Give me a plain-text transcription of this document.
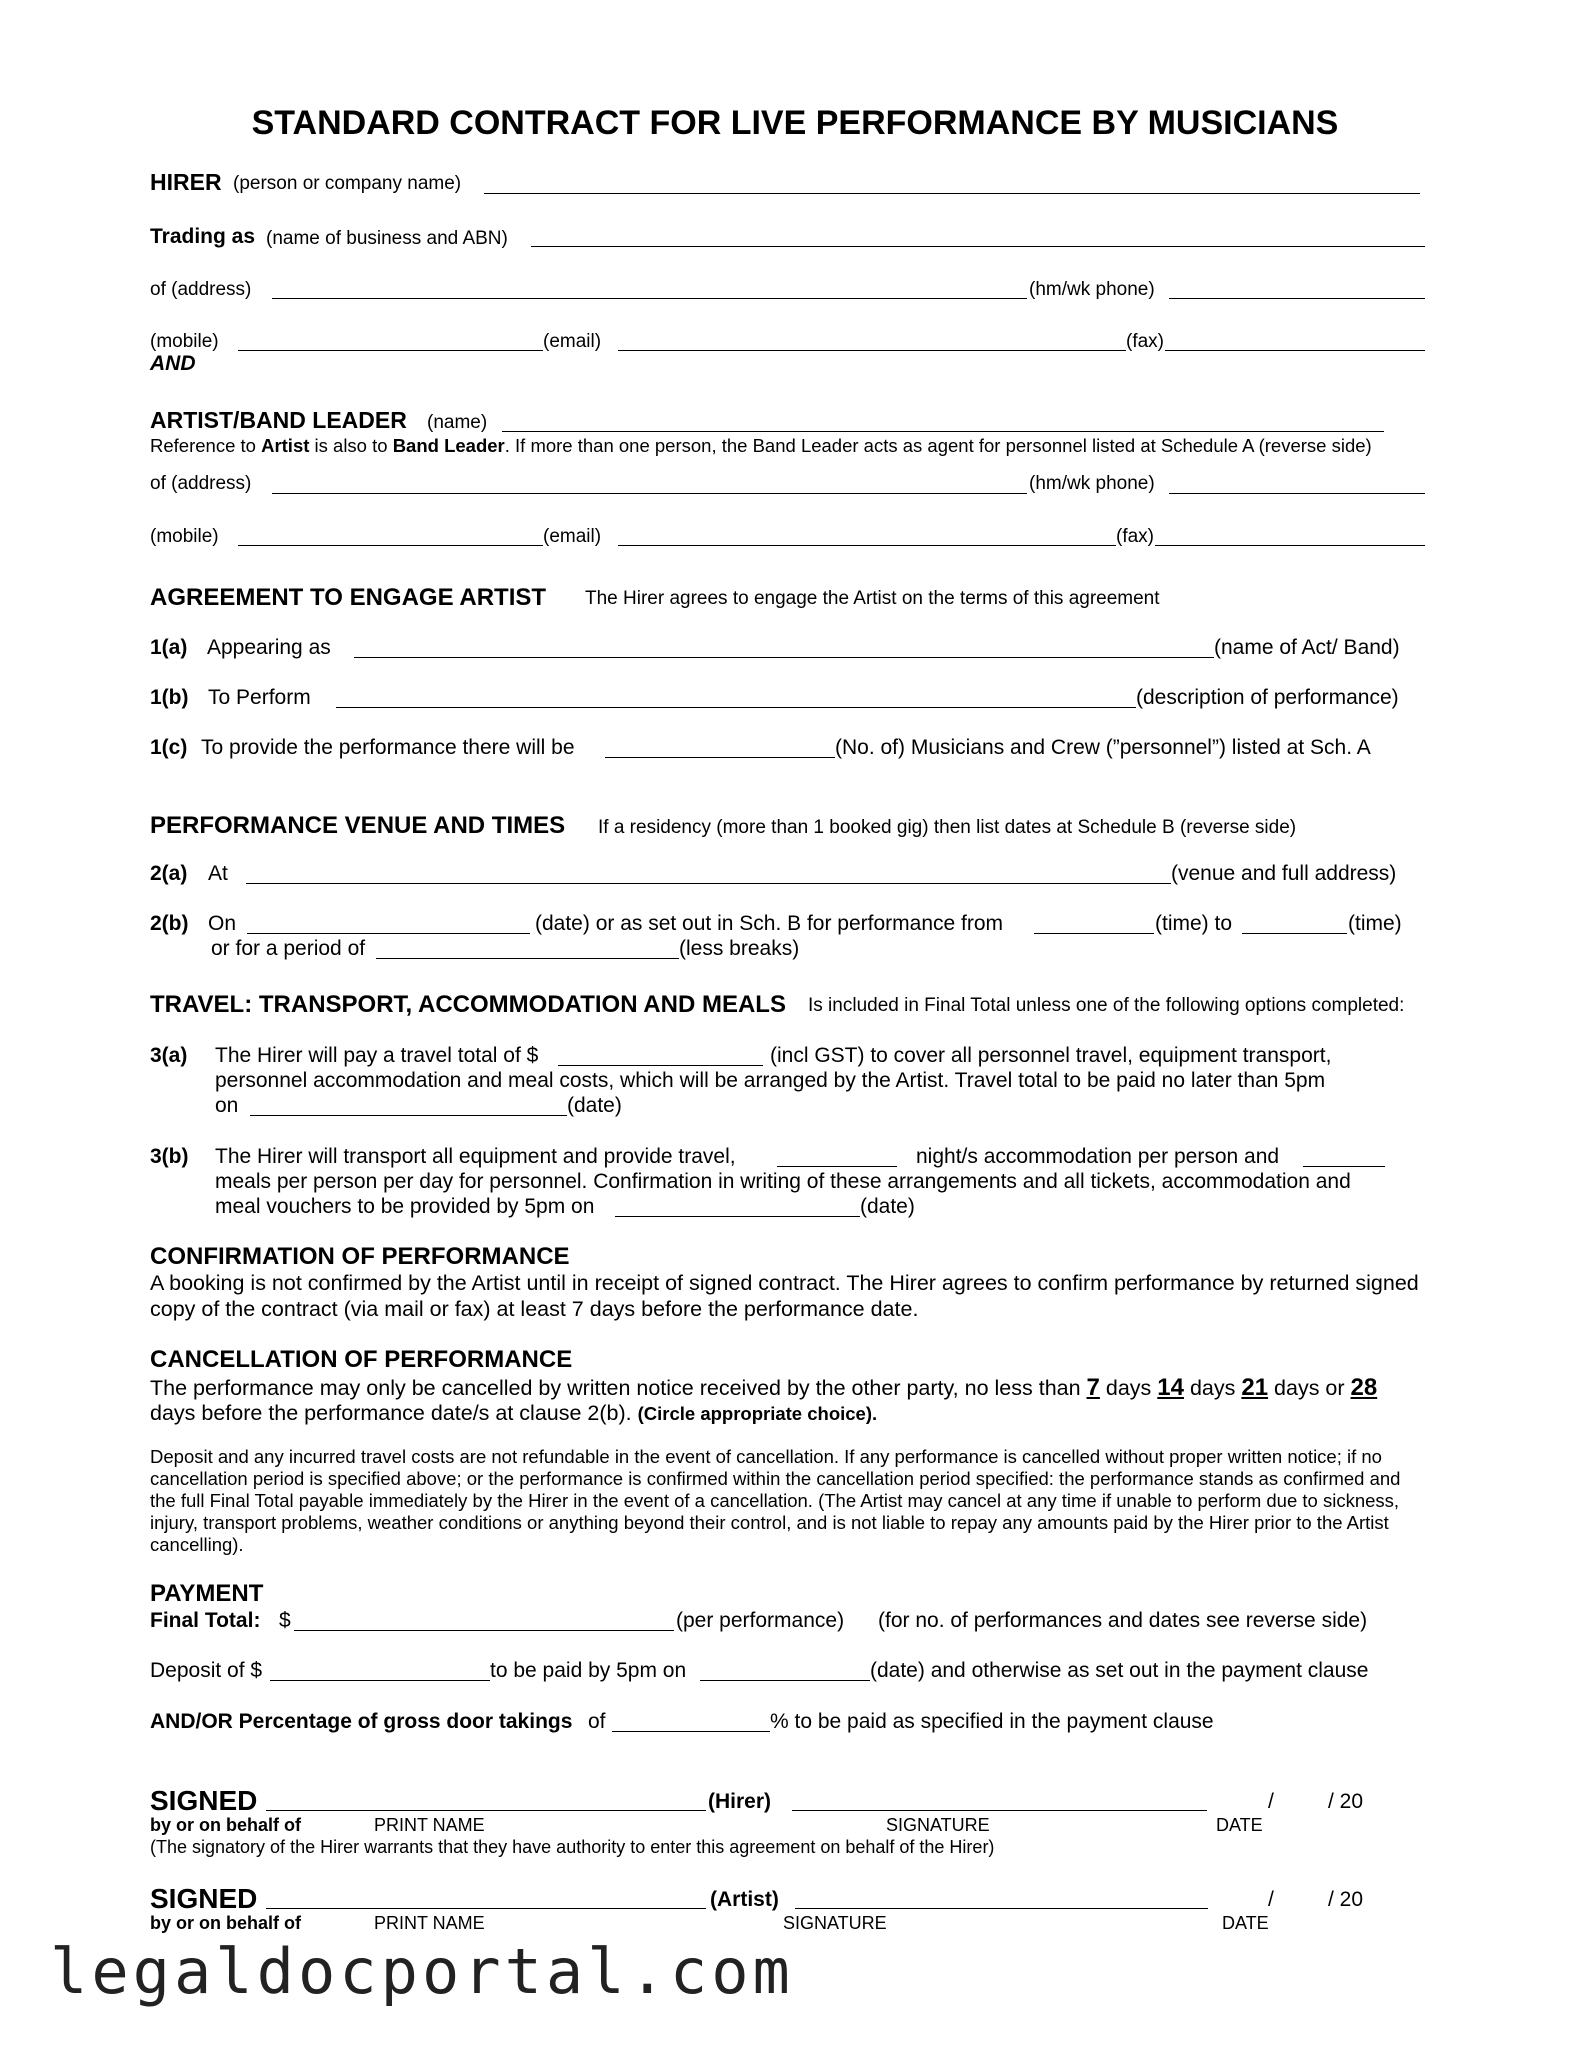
STANDARD CONTRACT FOR LIVE PERFORMANCE BY MUSICIANS
HIRER (person or company name)
Trading as (name of business and ABN)
of (address)	(hm/wk phone)
(mobile)	(email)	(fax)
AND
ARTIST/BAND LEADER (name)
Reference to Artist is also to Band Leader. If more than one person, the Band Leader acts as agent for personnel listed at Schedule A (reverse side)
of (address)	(hm/wk phone)
(mobile)	(email)	(fax)
AGREEMENT TO ENGAGE ARTIST The Hirer agrees to engage the Artist on the terms of this agreement
1(a) Appearing as	(name of Act/ Band)
1(b) To Perform	(description of performance)
1(c) To provide the performance there will be	(No. of) Musicians and Crew (”personnel”) listed at Sch. A
PERFORMANCE VENUE AND TIMES If a residency (more than 1 booked gig) then list dates at Schedule B (reverse side)
2(a) At	(venue and full address)
2(b) On	(date) or as set out in Sch. B for performance from	(time) to	(time)
or for a period of	(less breaks)
TRAVEL: TRANSPORT, ACCOMMODATION AND MEALS Is included in Final Total unless one of the following options completed:
3(a) The Hirer will pay a travel total of $	(incl GST) to cover all personnel travel, equipment transport,
personnel accommodation and meal costs, which will be arranged by the Artist. Travel total to be paid no later than 5pm
on	(date)
3(b) The Hirer will transport all equipment and provide travel,	night/s accommodation per person and
meals per person per day for personnel. Confirmation in writing of these arrangements and all tickets, accommodation and
meal vouchers to be provided by 5pm on	(date)
CONFIRMATION OF PERFORMANCE
A booking is not confirmed by the Artist until in receipt of signed contract. The Hirer agrees to confirm performance by returned signed copy of the contract (via mail or fax) at least 7 days before the performance date.
CANCELLATION OF PERFORMANCE
The performance may only be cancelled by written notice received by the other party, no less than 7 days 14 days 21 days or 28
days before the performance date/s at clause 2(b). (Circle appropriate choice).
Deposit and any incurred travel costs are not refundable in the event of cancellation. If any performance is cancelled without proper written notice; if no cancellation period is specified above; or the performance is confirmed within the cancellation period specified: the performance stands as confirmed and the full Final Total payable immediately by the Hirer in the event of a cancellation. (The Artist may cancel at any time if unable to perform due to sickness, injury, transport problems, weather conditions or anything beyond their control, and is not liable to repay any amounts paid by the Hirer prior to the Artist cancelling).
PAYMENT
Final Total: $	(per performance) (for no. of performances and dates see reverse side)
Deposit of $	to be paid by 5pm on	(date) and otherwise as set out in the payment clause
AND/OR Percentage of gross door takings of	% to be paid as specified in the payment clause
SIGNED	(Hirer)	/	/ 20
by or on behalf of	PRINT NAME	SIGNATURE	DATE
(The signatory of the Hirer warrants that they have authority to enter this agreement on behalf of the Hirer)
SIGNED	(Artist)	/	/ 20
by or on behalf of	PRINT NAME	SIGNATURE	DATE
legaldocportal.com
